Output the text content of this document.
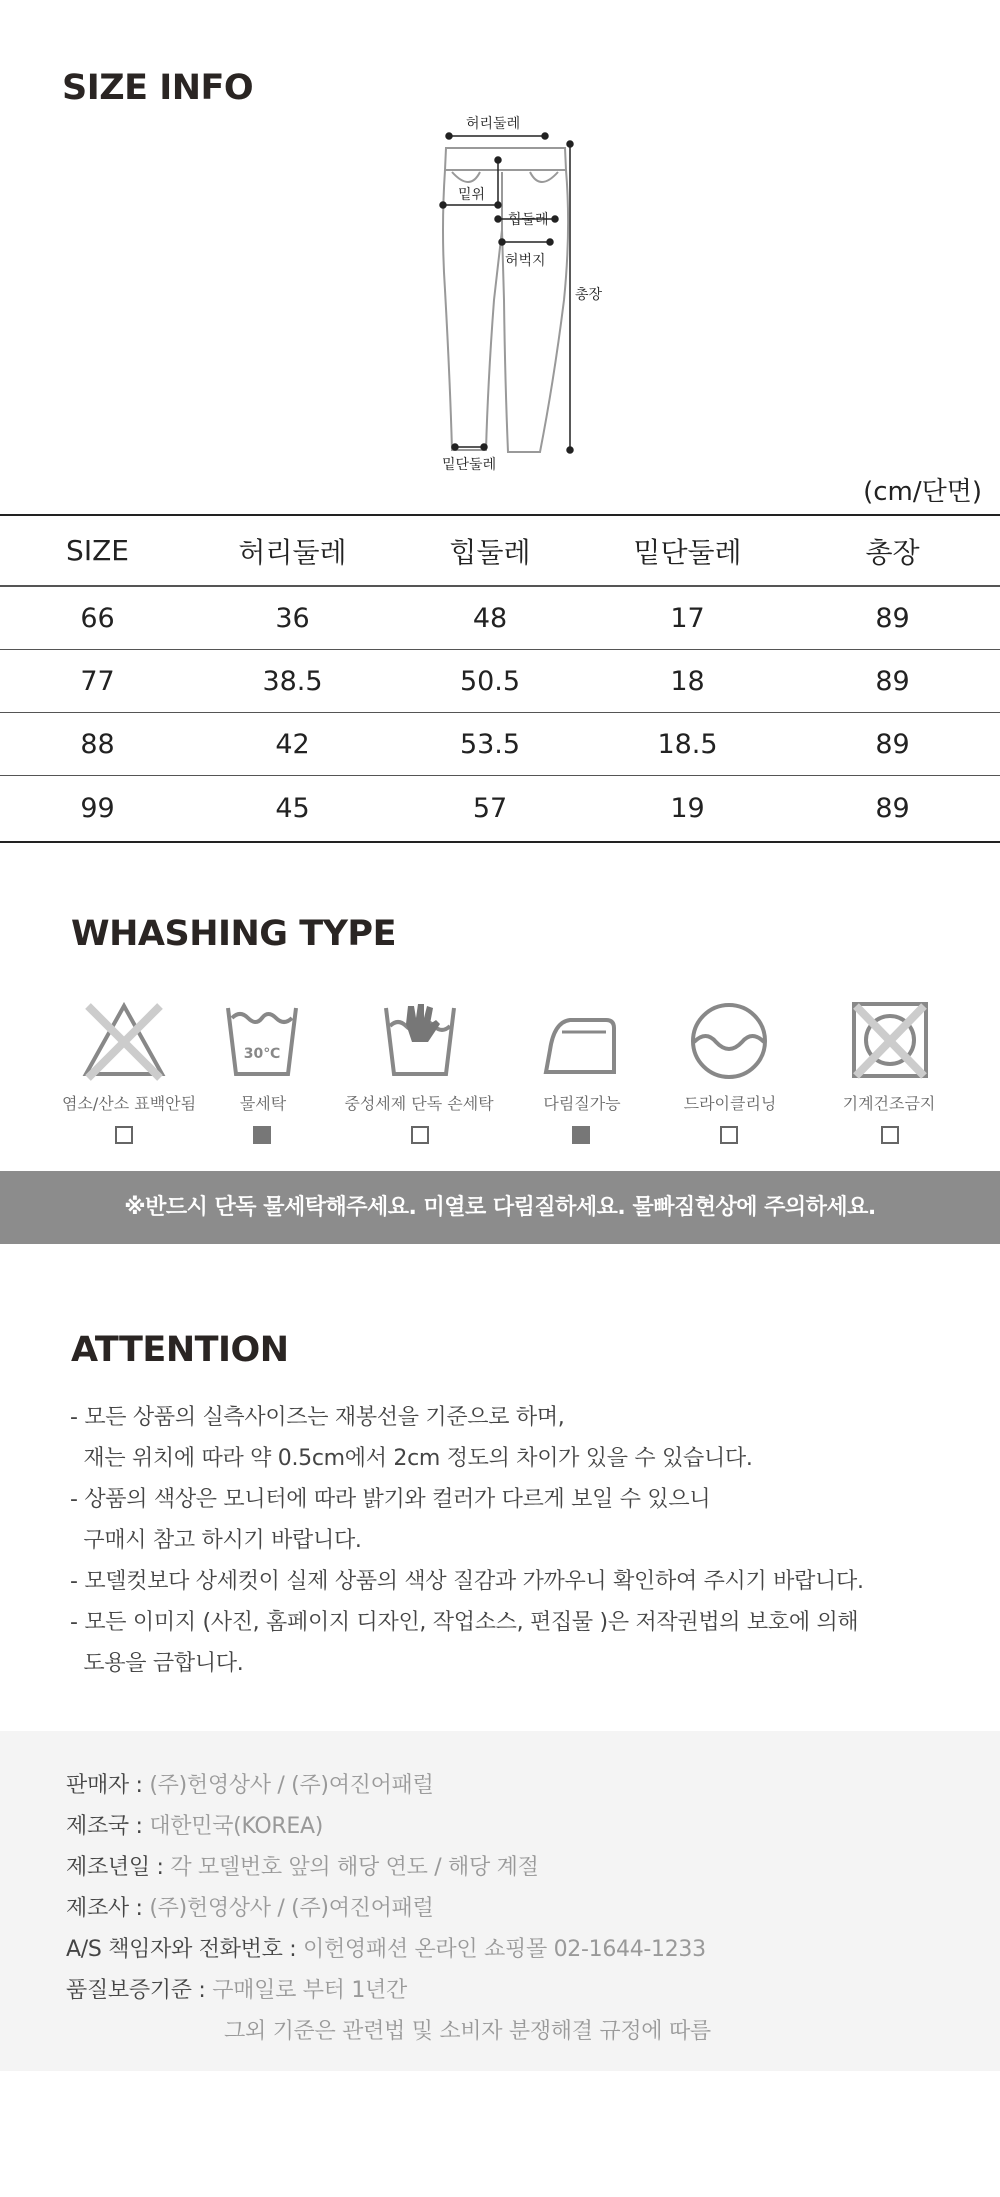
SIZE INFO
허리둘레
밑위
힙둘레
허벅지
총장
밑단둘레
(cm/단면)
SIZE	허리둘레	힙둘레	밑단둘레	총장
66	36	48	17	89
77	38.5	50.5	18	89
88	42	53.5	18.5	89
99	45	57	19	89
WHASHING TYPE
30℃
염소/산소 표백안됨	물세탁	중성세제 단독 손세탁	다림질가능	드라이클리닝	기계건조금지
※반드시 단독 물세탁해주세요. 미열로 다림질하세요. 물빠짐현상에 주의하세요.
ATTENTION
- 모든 상품의 실측사이즈는 재봉선을 기준으로 하며,
재는 위치에 따라 약 0.5cm에서 2cm 정도의 차이가 있을 수 있습니다.
- 상품의 색상은 모니터에 따라 밝기와 컬러가 다르게 보일 수 있으니
구매시 참고 하시기 바랍니다.
- 모델컷보다 상세컷이 실제 상품의 색상 질감과 가까우니 확인하여 주시기 바랍니다.
- 모든 이미지 (사진, 홈페이지 디자인, 작업소스, 편집물 )은 저작권법의 보호에 의해
도용을 금합니다.
판매자 : (주)헌영상사 / (주)여진어패럴
제조국 : 대한민국(KOREA)
제조년일 : 각 모델번호 앞의 해당 연도 / 해당 계절
제조사 : (주)헌영상사 / (주)여진어패럴
A/S 책임자와 전화번호 : 이헌영패션 온라인 쇼핑몰 02-1644-1233
품질보증기준 : 구매일로 부터 1년간
그외 기준은 관련법 및 소비자 분쟁해결 규정에 따름
